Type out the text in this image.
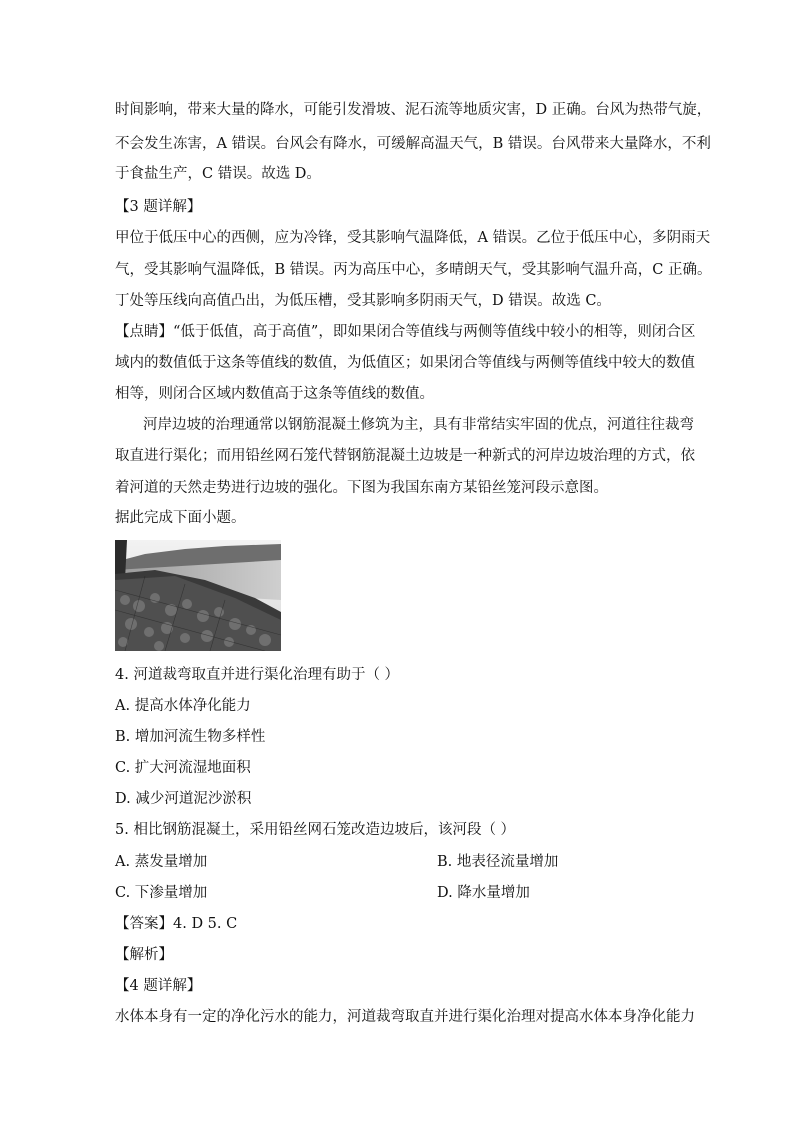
时间影响，带来大量的降水，可能引发滑坡、泥石流等地质灾害，D 正确。台风为热带气旋，
不会发生冻害，A 错误。台风会有降水，可缓解高温天气，B 错误。台风带来大量降水，不利
于食盐生产，C 错误。故选 D。
【3 题详解】
甲位于低压中心的西侧，应为冷锋，受其影响气温降低，A 错误。乙位于低压中心，多阴雨天
气，受其影响气温降低，B 错误。丙为高压中心，多晴朗天气，受其影响气温升高，C 正确。
丁处等压线向高值凸出，为低压槽，受其影响多阴雨天气，D 错误。故选 C。
【点睛】“低于低值，高于高值”，即如果闭合等值线与两侧等值线中较小的相等，则闭合区
域内的数值低于这条等值线的数值，为低值区；如果闭合等值线与两侧等值线中较大的数值
相等，则闭合区域内数值高于这条等值线的数值。
河岸边坡的治理通常以钢筋混凝土修筑为主，具有非常结实牢固的优点，河道往往裁弯
取直进行渠化；而用铅丝网石笼代替钢筋混凝土边坡是一种新式的河岸边坡治理的方式，依
着河道的天然走势进行边坡的强化。下图为我国东南方某铅丝笼河段示意图。
据此完成下面小题。
4. 河道裁弯取直并进行渠化治理有助于（ ）
A. 提高水体净化能力
B. 增加河流生物多样性
C. 扩大河流湿地面积
D. 减少河道泥沙淤积
5. 相比钢筋混凝土，采用铅丝网石笼改造边坡后，该河段（ ）
A. 蒸发量增加	B. 地表径流量增加
C. 下渗量增加	D. 降水量增加
【答案】4. D 5. C
【解析】
【4 题详解】
水体本身有一定的净化污水的能力，河道裁弯取直并进行渠化治理对提高水体本身净化能力
